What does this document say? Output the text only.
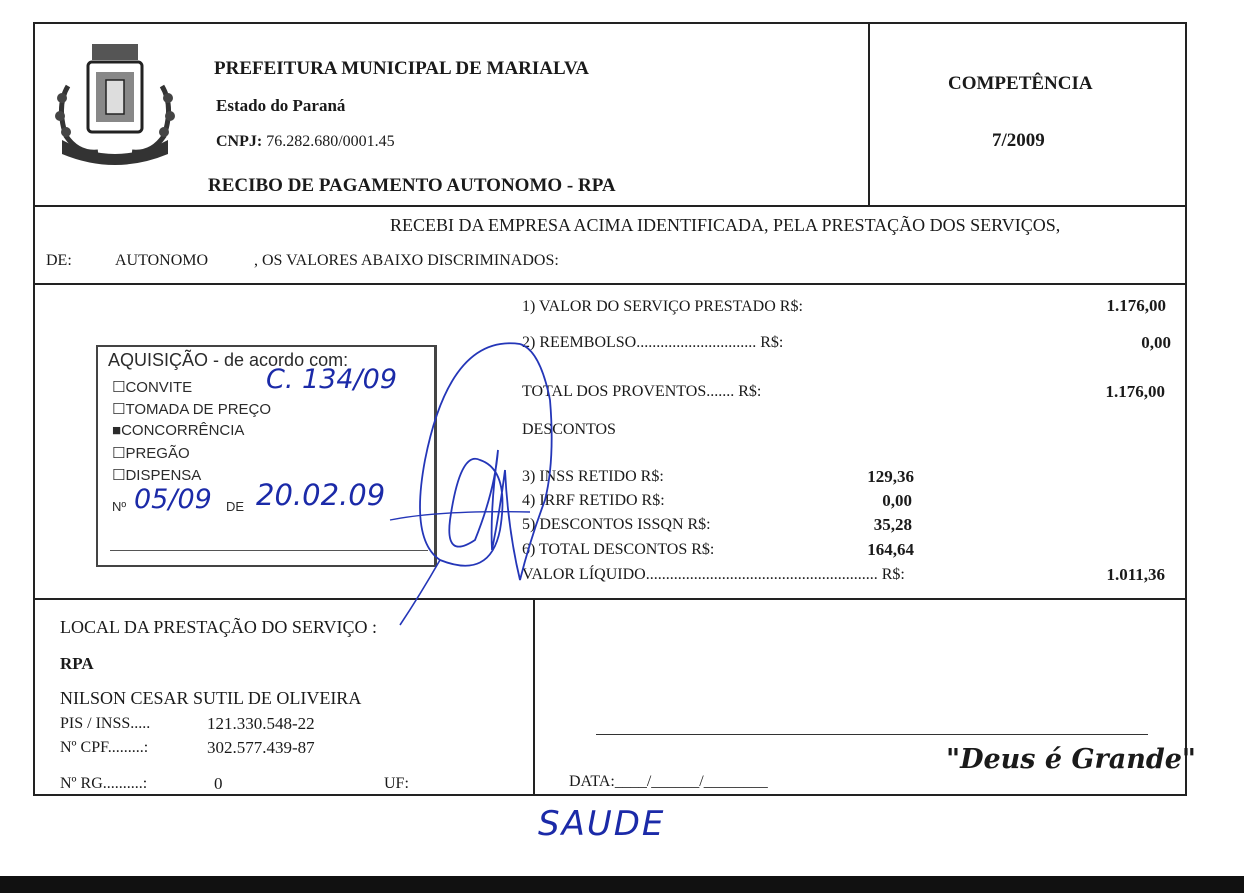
MARIALVA
PREFEITURA MUNICIPAL DE MARIALVA
Estado do Paraná
CNPJ: 76.282.680/0001.45
RECIBO DE PAGAMENTO AUTONOMO - RPA
COMPETÊNCIA
7/2009
RECEBI DA EMPRESA ACIMA IDENTIFICADA, PELA PRESTAÇÃO DOS SERVIÇOS,
DE:	AUTONOMO	, OS VALORES ABAIXO DISCRIMINADOS:
1) VALOR DO SERVIÇO PRESTADO R$:	1.176,00
2) REEMBOLSO.............................. R$:	0,00
TOTAL DOS PROVENTOS....... R$:	1.176,00
DESCONTOS
3) INSS RETIDO R$:	129,36
4) IRRF RETIDO R$:	0,00
5) DESCONTOS ISSQN R$:	35,28
6) TOTAL DESCONTOS R$:	164,64
VALOR LÍQUIDO.......................................................... R$:	1.011,36
AQUISIÇÃO - de acordo com:
☐CONVITE
☐TOMADA DE PREÇO
■CONCORRÊNCIA
☐PREGÃO
☐DISPENSA
Nº	DE
C. 134/09
05/09 20.02.09
LOCAL DA PRESTAÇÃO DO SERVIÇO :
RPA
NILSON CESAR SUTIL DE OLIVEIRA
PIS / INSS.....	121.330.548-22
Nº CPF.........:	302.577.439-87
Nº RG..........:	0	UF:	DATA:____/______/________
"Deus é Grande"
SAUDE
